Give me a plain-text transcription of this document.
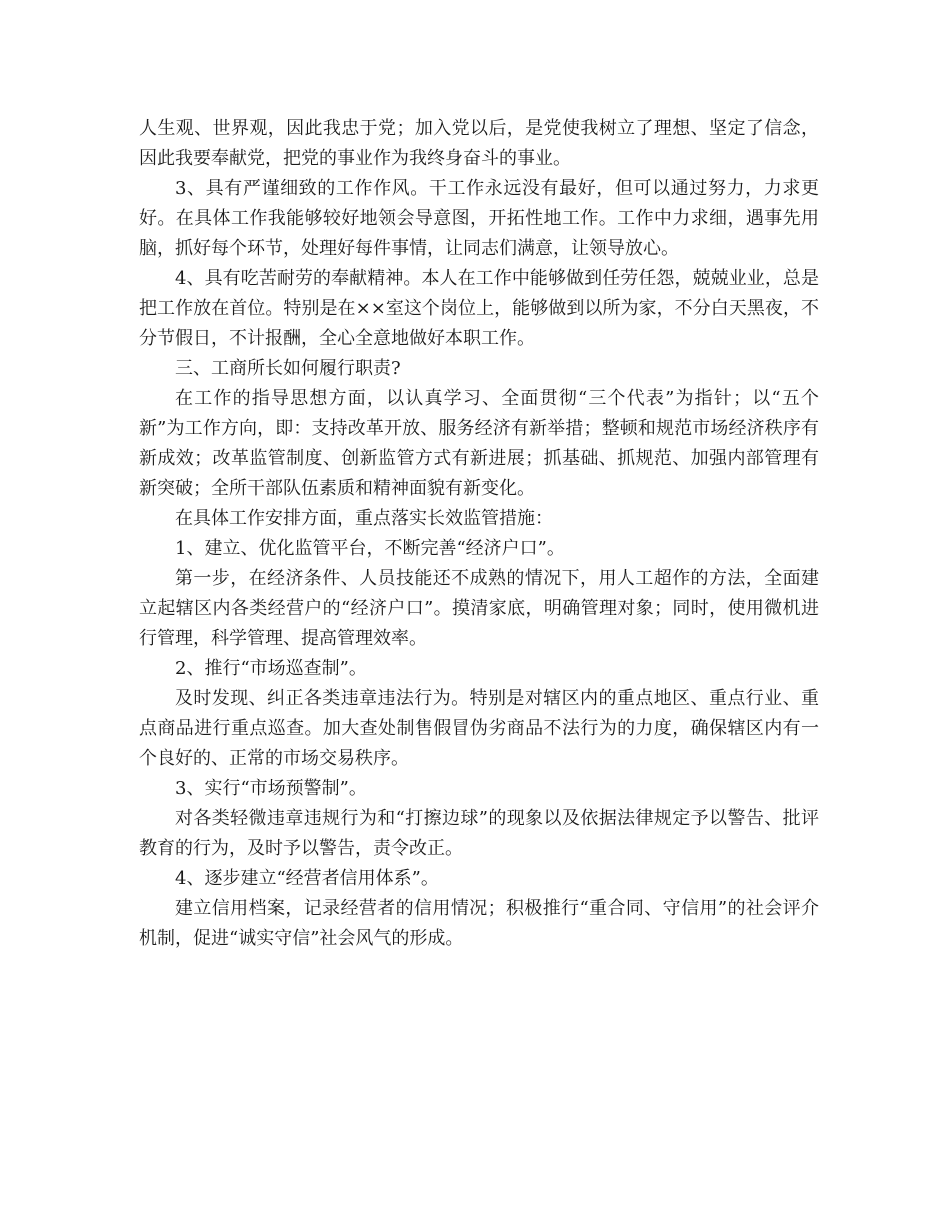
人生观、世界观，因此我忠于党；加入党以后，是党使我树立了理想、坚定了信念，因此我要奉献党，把党的事业作为我终身奋斗的事业。

3、具有严谨细致的工作作风。干工作永远没有最好，但可以通过努力，力求更好。在具体工作我能够较好地领会导意图，开拓性地工作。工作中力求细，遇事先用脑，抓好每个环节，处理好每件事情，让同志们满意，让领导放心。

4、具有吃苦耐劳的奉献精神。本人在工作中能够做到任劳任怨，兢兢业业，总是把工作放在首位。特别是在××室这个岗位上，能够做到以所为家，不分白天黑夜，不分节假日，不计报酬，全心全意地做好本职工作。

三、工商所长如何履行职责?

在工作的指导思想方面，以认真学习、全面贯彻“三个代表”为指针；以“五个新”为工作方向，即：支持改革开放、服务经济有新举措；整顿和规范市场经济秩序有新成效；改革监管制度、创新监管方式有新进展；抓基础、抓规范、加强内部管理有新突破；全所干部队伍素质和精神面貌有新变化。

在具体工作安排方面，重点落实长效监管措施：

1、建立、优化监管平台，不断完善“经济户口”。

第一步，在经济条件、人员技能还不成熟的情况下，用人工超作的方法，全面建立起辖区内各类经营户的“经济户口”。摸清家底，明确管理对象；同时，使用微机进行管理，科学管理、提高管理效率。

2、推行“市场巡查制”。

及时发现、纠正各类违章违法行为。特别是对辖区内的重点地区、重点行业、重点商品进行重点巡查。加大查处制售假冒伪劣商品不法行为的力度，确保辖区内有一个良好的、正常的市场交易秩序。

3、实行“市场预警制”。

对各类轻微违章违规行为和“打擦边球”的现象以及依据法律规定予以警告、批评教育的行为，及时予以警告，责令改正。

4、逐步建立“经营者信用体系”。

建立信用档案，记录经营者的信用情况；积极推行“重合同、守信用”的社会评介机制，促进“诚实守信”社会风气的形成。
